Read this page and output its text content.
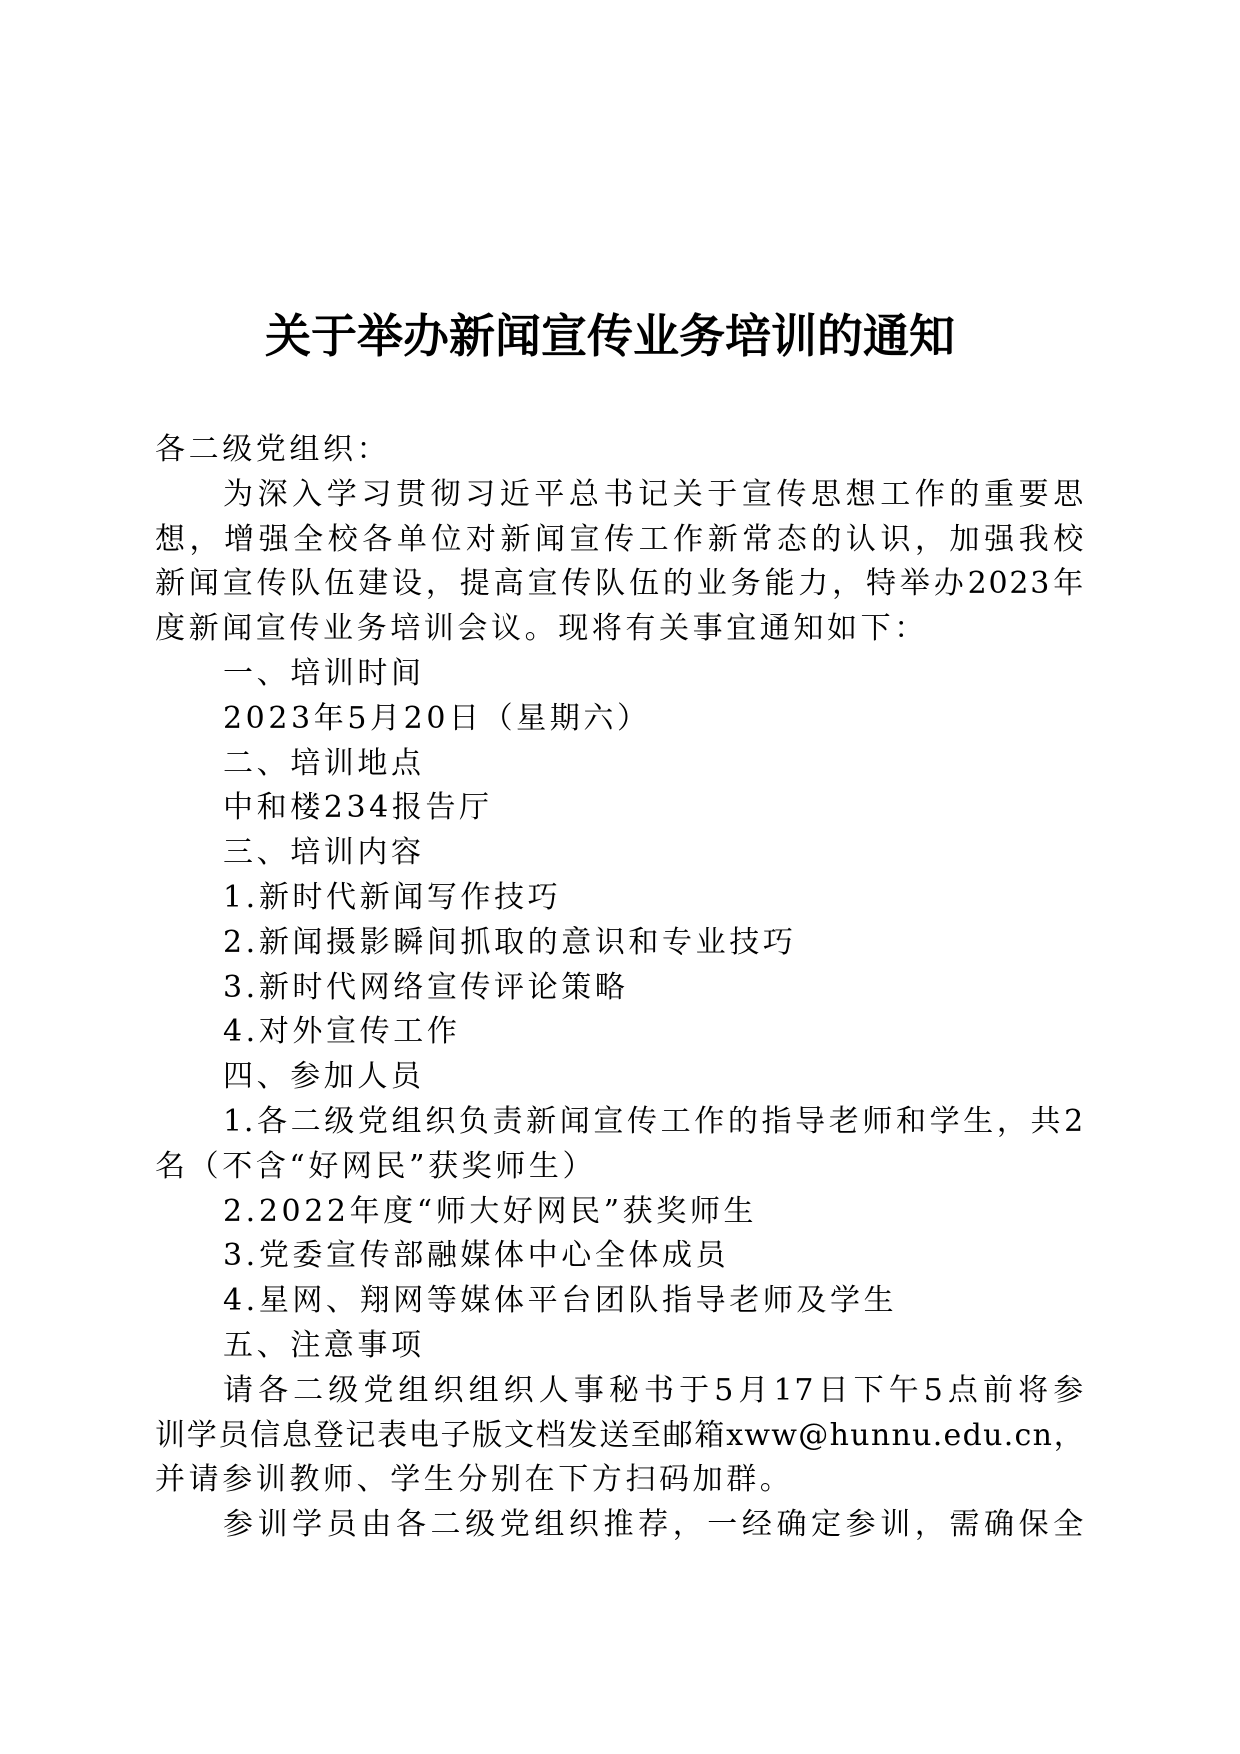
关于举办新闻宣传业务培训的通知
各二级党组织：
为深入学习贯彻习近平总书记关于宣传思想工作的重要思
想，增强全校各单位对新闻宣传工作新常态的认识，加强我校
新闻宣传队伍建设，提高宣传队伍的业务能力，特举办2023年
度新闻宣传业务培训会议。现将有关事宜通知如下：
一、培训时间
2023年5月20日（星期六）
二、培训地点
中和楼234报告厅
三、培训内容
1.新时代新闻写作技巧
2.新闻摄影瞬间抓取的意识和专业技巧
3.新时代网络宣传评论策略
4.对外宣传工作
四、参加人员
1.各二级党组织负责新闻宣传工作的指导老师和学生，共2
名（不含“好网民”获奖师生）
2.2022年度“师大好网民”获奖师生
3.党委宣传部融媒体中心全体成员
4.星网、翔网等媒体平台团队指导老师及学生
五、注意事项
请各二级党组织组织人事秘书于5月17日下午5点前将参
训学员信息登记表电子版文档发送至邮箱xww@hunnu.edu.cn，
并请参训教师、学生分别在下方扫码加群。
参训学员由各二级党组织推荐，一经确定参训，需确保全
